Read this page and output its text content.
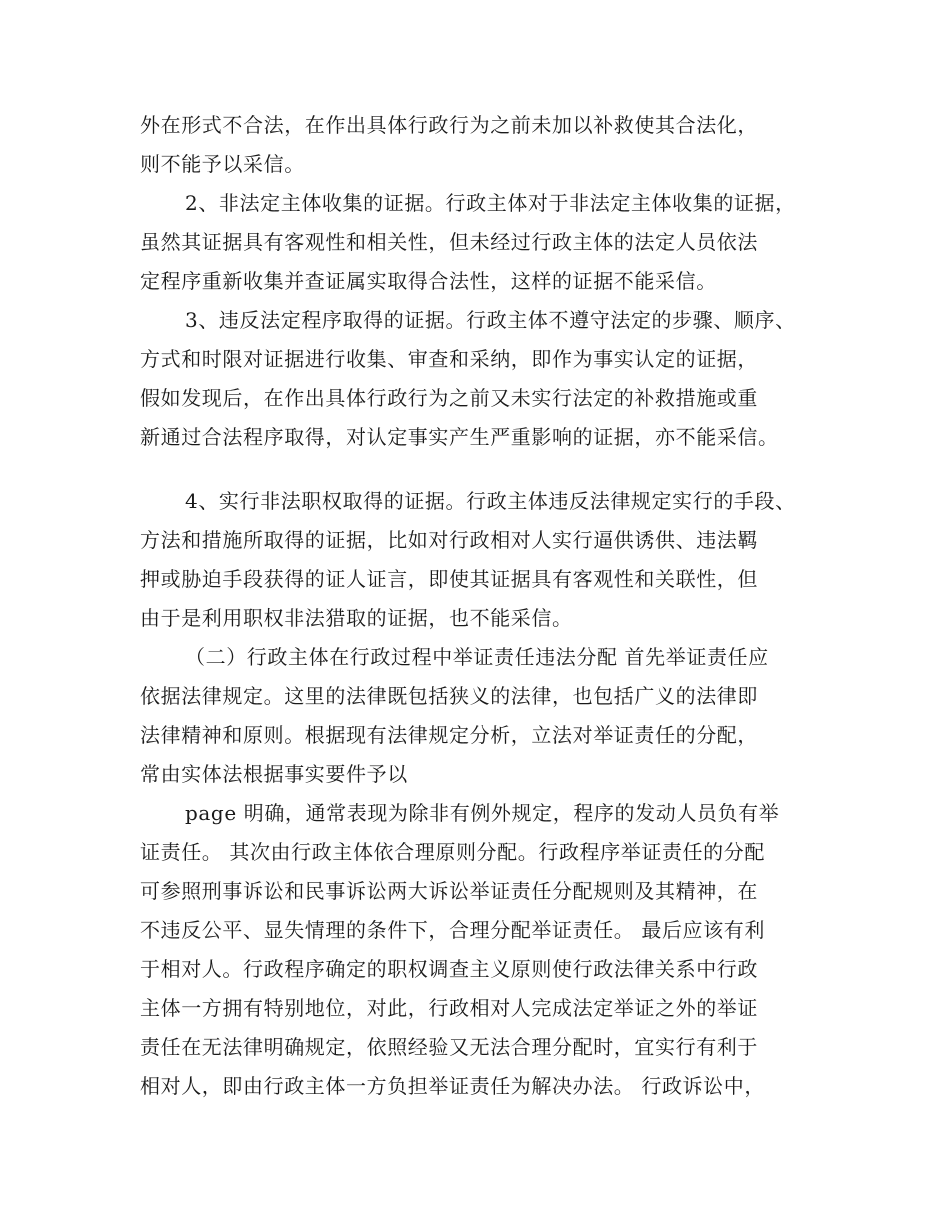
外在形式不合法，在作出具体行政行为之前未加以补救使其合法化，
则不能予以采信。
2、非法定主体收集的证据。行政主体对于非法定主体收集的证据，
虽然其证据具有客观性和相关性，但未经过行政主体的法定人员依法
定程序重新收集并查证属实取得合法性，这样的证据不能采信。
3、违反法定程序取得的证据。行政主体不遵守法定的步骤、顺序、
方式和时限对证据进行收集、审查和采纳，即作为事实认定的证据，
假如发现后，在作出具体行政行为之前又未实行法定的补救措施或重
新通过合法程序取得，对认定事实产生严重影响的证据，亦不能采信。
4、实行非法职权取得的证据。行政主体违反法律规定实行的手段、
方法和措施所取得的证据，比如对行政相对人实行逼供诱供、违法羁
押或胁迫手段获得的证人证言，即使其证据具有客观性和关联性，但
由于是利用职权非法猎取的证据，也不能采信。
（二）行政主体在行政过程中举证责任违法分配 首先举证责任应
依据法律规定。这里的法律既包括狭义的法律，也包括广义的法律即
法律精神和原则。根据现有法律规定分析，立法对举证责任的分配，
常由实体法根据事实要件予以
page 明确，通常表现为除非有例外规定，程序的发动人员负有举
证责任。 其次由行政主体依合理原则分配。行政程序举证责任的分配
可参照刑事诉讼和民事诉讼两大诉讼举证责任分配规则及其精神，在
不违反公平、显失情理的条件下，合理分配举证责任。 最后应该有利
于相对人。行政程序确定的职权调查主义原则使行政法律关系中行政
主体一方拥有特别地位，对此，行政相对人完成法定举证之外的举证
责任在无法律明确规定，依照经验又无法合理分配时，宜实行有利于
相对人，即由行政主体一方负担举证责任为解决办法。 行政诉讼中，
